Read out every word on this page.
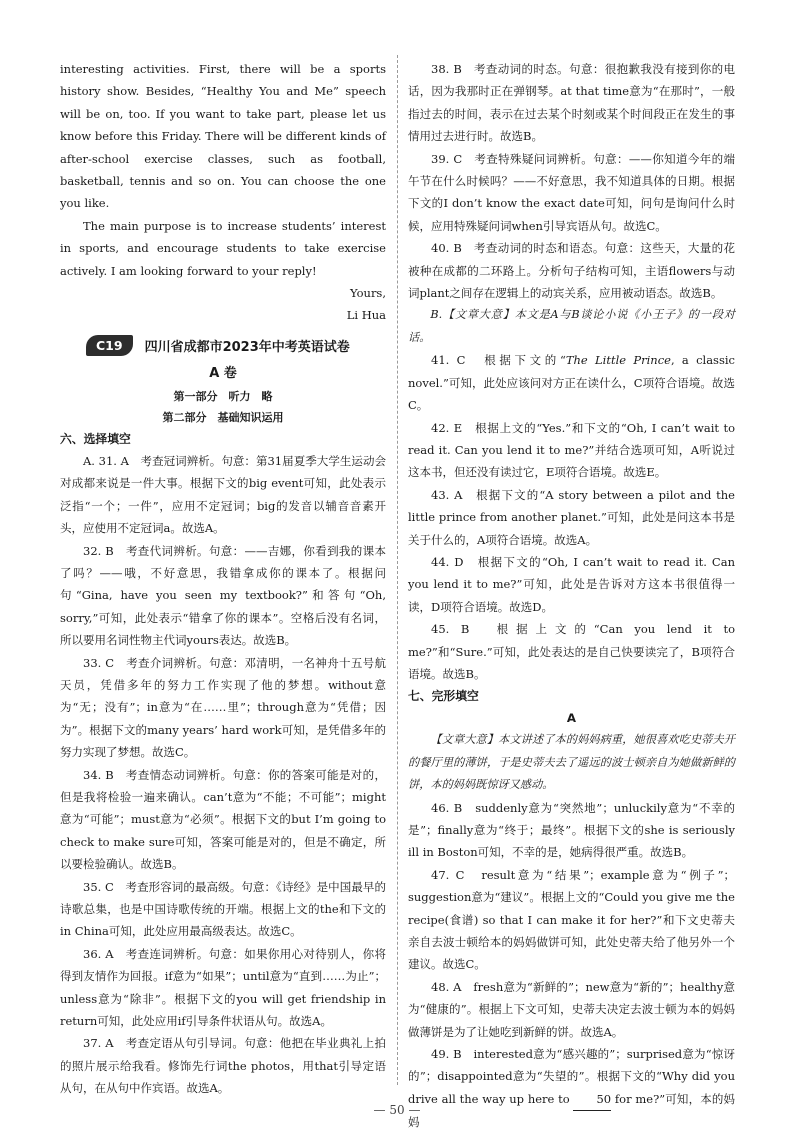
interesting activities. First, there will be a sports history show. Besides, “Healthy You and Me” speech will be on, too. If you want to take part, please let us know before this Friday. There will be different kinds of after-school exercise classes, such as football, basketball, tennis and so on. You can choose the one you like.

The main purpose is to increase students’ interest in sports, and encourage students to take exercise actively. I am looking forward to your reply!

Yours,

Li Hua

C19	四川省成都市2023年中考英语试卷
A 卷
第一部分　听力　略
第二部分　基础知识运用

六、选择填空

A. 31. A　考查冠词辨析。句意：第31届夏季大学生运动会对成都来说是一件大事。根据下文的big event可知，此处表示泛指“一个；一件”，应用不定冠词；big的发音以辅音音素开头，应使用不定冠词a。故选A。

32. B　考查代词辨析。句意：——吉娜，你看到我的课本了吗？——哦，不好意思，我错拿成你的课本了。根据问句“Gina, have you seen my textbook?”和答句“Oh, sorry,”可知，此处表示“错拿了你的课本”。空格后没有名词，所以要用名词性物主代词yours表达。故选B。

33. C　考查介词辨析。句意：邓清明，一名神舟十五号航天员，凭借多年的努力工作实现了他的梦想。without意为“无；没有”；in意为“在……里”；through意为“凭借；因为”。根据下文的many years’ hard work可知，是凭借多年的努力实现了梦想。故选C。

34. B　考查情态动词辨析。句意：你的答案可能是对的，但是我将检验一遍来确认。can’t意为“不能；不可能”；might意为“可能”；must意为“必须”。根据下文的but I’m going to check to make sure可知，答案可能是对的，但是不确定，所以要检验确认。故选B。

35. C　考查形容词的最高级。句意：《诗经》是中国最早的诗歌总集，也是中国诗歌传统的开端。根据上文的the和下文的in China可知，此处应用最高级表达。故选C。

36. A　考查连词辨析。句意：如果你用心对待别人，你将得到友情作为回报。if意为“如果”；until意为“直到……为止”；unless意为“除非”。根据下文的you will get friendship in return可知，此处应用if引导条件状语从句。故选A。

37. A　考查定语从句引导词。句意：他把在毕业典礼上拍的照片展示给我看。修饰先行词the photos，用that引导定语从句，在从句中作宾语。故选A。

38. B　考查动词的时态。句意：很抱歉我没有接到你的电话，因为我那时正在弹钢琴。at that time意为“在那时”，一般指过去的时间，表示在过去某个时刻或某个时间段正在发生的事情用过去进行时。故选B。

39. C　考查特殊疑问词辨析。句意：——你知道今年的端午节在什么时候吗？——不好意思，我不知道具体的日期。根据下文的I don’t know the exact date可知，问句是询问什么时候，应用特殊疑问词when引导宾语从句。故选C。

40. B　考查动词的时态和语态。句意：这些天，大量的花被种在成都的二环路上。分析句子结构可知，主语flowers与动词plant之间存在逻辑上的动宾关系，应用被动语态。故选B。

B.【文章大意】本文是A与B谈论小说《小王子》的一段对话。

41. C　根据下文的“The Little Prince, a classic novel.”可知，此处应该问对方正在读什么，C项符合语境。故选C。

42. E　根据上文的“Yes.”和下文的“Oh, I can’t wait to read it. Can you lend it to me?”并结合选项可知，A听说过这本书，但还没有读过它，E项符合语境。故选E。

43. A　根据下文的“A story between a pilot and the little prince from another planet.”可知，此处是问这本书是关于什么的，A项符合语境。故选A。

44. D　根据下文的“Oh, I can’t wait to read it. Can you lend it to me?”可知，此处是告诉对方这本书很值得一读，D项符合语境。故选D。

45. B　根据上文的“Can you lend it to me?”和“Sure.”可知，此处表达的是自己快要读完了，B项符合语境。故选B。

七、完形填空

A

【文章大意】本文讲述了本的妈妈病重，她很喜欢吃史蒂夫开的餐厅里的薄饼，于是史蒂夫去了遥远的波士顿亲自为她做新鲜的饼，本的妈妈既惊讶又感动。

46. B　suddenly意为“突然地”；unluckily意为“不幸的是”；finally意为“终于；最终”。根据下文的she is seriously ill in Boston可知，不幸的是，她病得很严重。故选B。

47. C　result意为“结果”；example意为“例子”；suggestion意为“建议”。根据上文的“Could you give me the recipe(食谱) so that I can make it for her?”和下文史蒂夫亲自去波士顿给本的妈妈做饼可知，此处史蒂夫给了他另外一个建议。故选C。

48. A　fresh意为“新鲜的”；new意为“新的”；healthy意为“健康的”。根据上下文可知，史蒂夫决定去波士顿为本的妈妈做薄饼是为了让她吃到新鲜的饼。故选A。

49. B　interested意为“感兴趣的”；surprised意为“惊讶的”；disappointed意为“失望的”。根据下文的“Why did you drive all the way up here to 50 for me?”可知，本的妈妈

— 50 —
